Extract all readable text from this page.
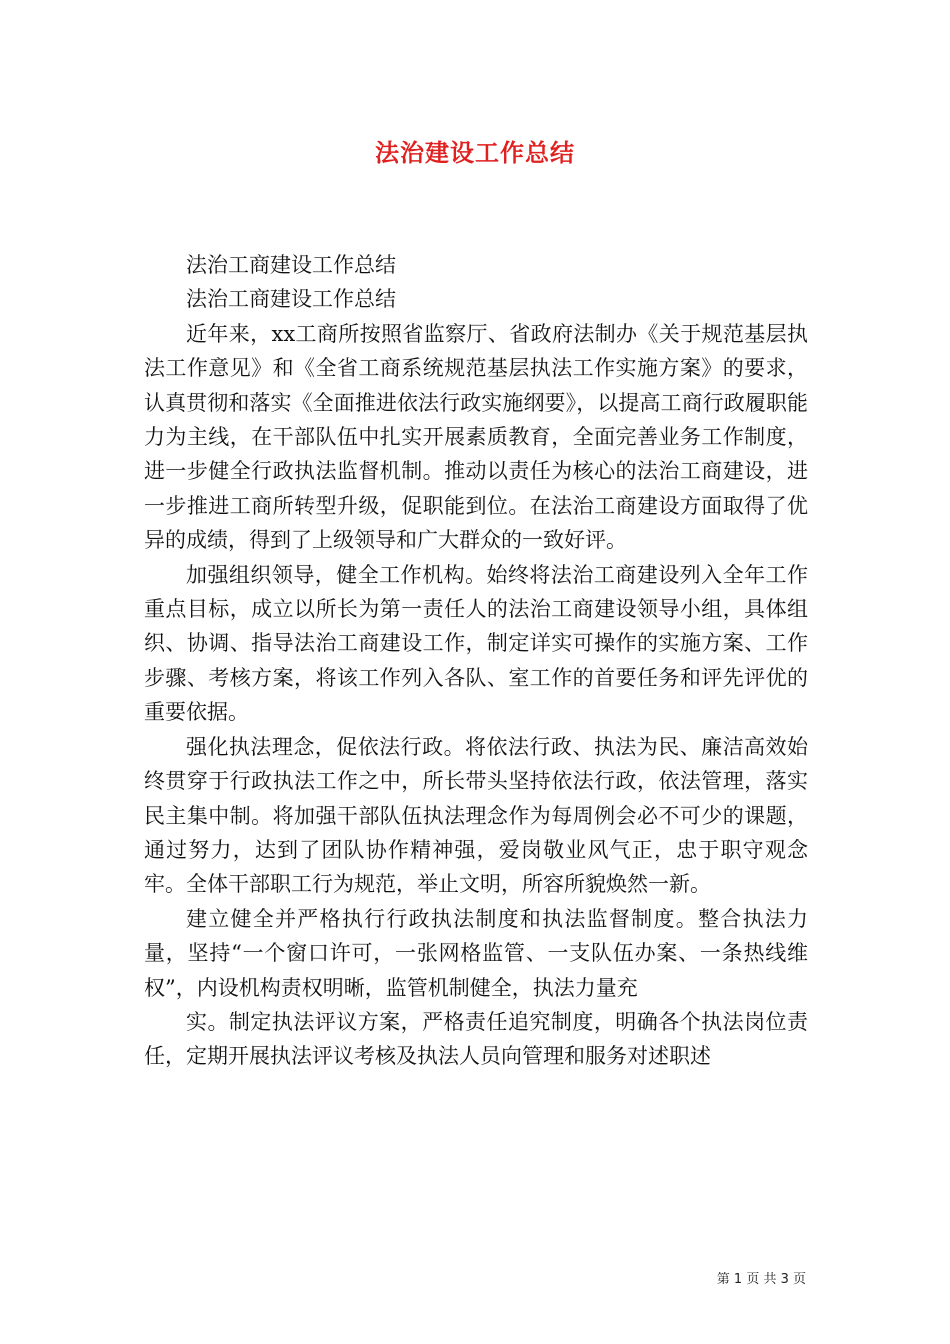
法治建设工作总结

法治工商建设工作总结

法治工商建设工作总结

近年来，xx工商所按照省监察厅、省政府法制办《关于规范基层执法工作意见》和《全省工商系统规范基层执法工作实施方案》的要求，认真贯彻和落实《全面推进依法行政实施纲要》，以提高工商行政履职能力为主线，在干部队伍中扎实开展素质教育，全面完善业务工作制度，进一步健全行政执法监督机制。推动以责任为核心的法治工商建设，进一步推进工商所转型升级，促职能到位。在法治工商建设方面取得了优异的成绩，得到了上级领导和广大群众的一致好评。

加强组织领导，健全工作机构。始终将法治工商建设列入全年工作重点目标，成立以所长为第一责任人的法治工商建设领导小组，具体组织、协调、指导法治工商建设工作，制定详实可操作的实施方案、工作步骤、考核方案，将该工作列入各队、室工作的首要任务和评先评优的重要依据。

强化执法理念，促依法行政。将依法行政、执法为民、廉洁高效始终贯穿于行政执法工作之中，所长带头坚持依法行政，依法管理，落实民主集中制。将加强干部队伍执法理念作为每周例会必不可少的课题，通过努力，达到了团队协作精神强，爱岗敬业风气正，忠于职守观念牢。全体干部职工行为规范，举止文明，所容所貌焕然一新。

建立健全并严格执行行政执法制度和执法监督制度。整合执法力量，坚持“一个窗口许可，一张网格监管、一支队伍办案、一条热线维权”，内设机构责权明晰，监管机制健全，执法力量充

实。制定执法评议方案，严格责任追究制度，明确各个执法岗位责任，定期开展执法评议考核及执法人员向管理和服务对述职述

第 1 页 共 3 页
